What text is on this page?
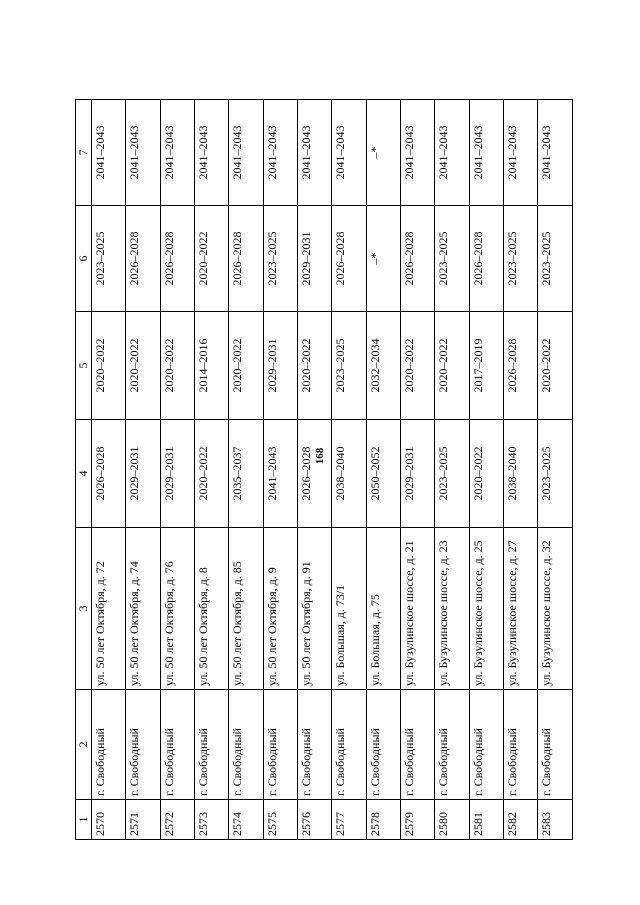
168
1	2	3	4	5	6	7
2570	г. Свободный	ул. 50 лет Октября, д. 72	2026–2028	2020–2022	2023–2025	2041–2043
2571	г. Свободный	ул. 50 лет Октября, д. 74	2029–2031	2020–2022	2026–2028	2041–2043
2572	г. Свободный	ул. 50 лет Октября, д. 76	2029–2031	2020–2022	2026–2028	2041–2043
2573	г. Свободный	ул. 50 лет Октября, д. 8	2020–2022	2014–2016	2020–2022	2041–2043
2574	г. Свободный	ул. 50 лет Октября, д. 85	2035–2037	2020–2022	2026–2028	2041–2043
2575	г. Свободный	ул. 50 лет Октября, д. 9	2041–2043	2029–2031	2023–2025	2041–2043
2576	г. Свободный	ул. 50 лет Октября, д. 91	2026–2028	2020–2022	2029–2031	2041–2043
2577	г. Свободный	ул. Большая, д. 73/1	2038–2040	2023–2025	2026–2028	2041–2043
2578	г. Свободный	ул. Большая, д. 75	2050–2052	2032–2034	–*	–*
2579	г. Свободный	ул. Бузулинское шоссе, д. 21	2029–2031	2020–2022	2026–2028	2041–2043
2580	г. Свободный	ул. Бузулинское шоссе, д. 23	2023–2025	2020–2022	2023–2025	2041–2043
2581	г. Свободный	ул. Бузулинское шоссе, д. 25	2020–2022	2017–2019	2026–2028	2041–2043
2582	г. Свободный	ул. Бузулинское шоссе, д. 27	2038–2040	2026–2028	2023–2025	2041–2043
2583	г. Свободный	ул. Бузулинское шоссе, д. 32	2023–2025	2020–2022	2023–2025	2041–2043
